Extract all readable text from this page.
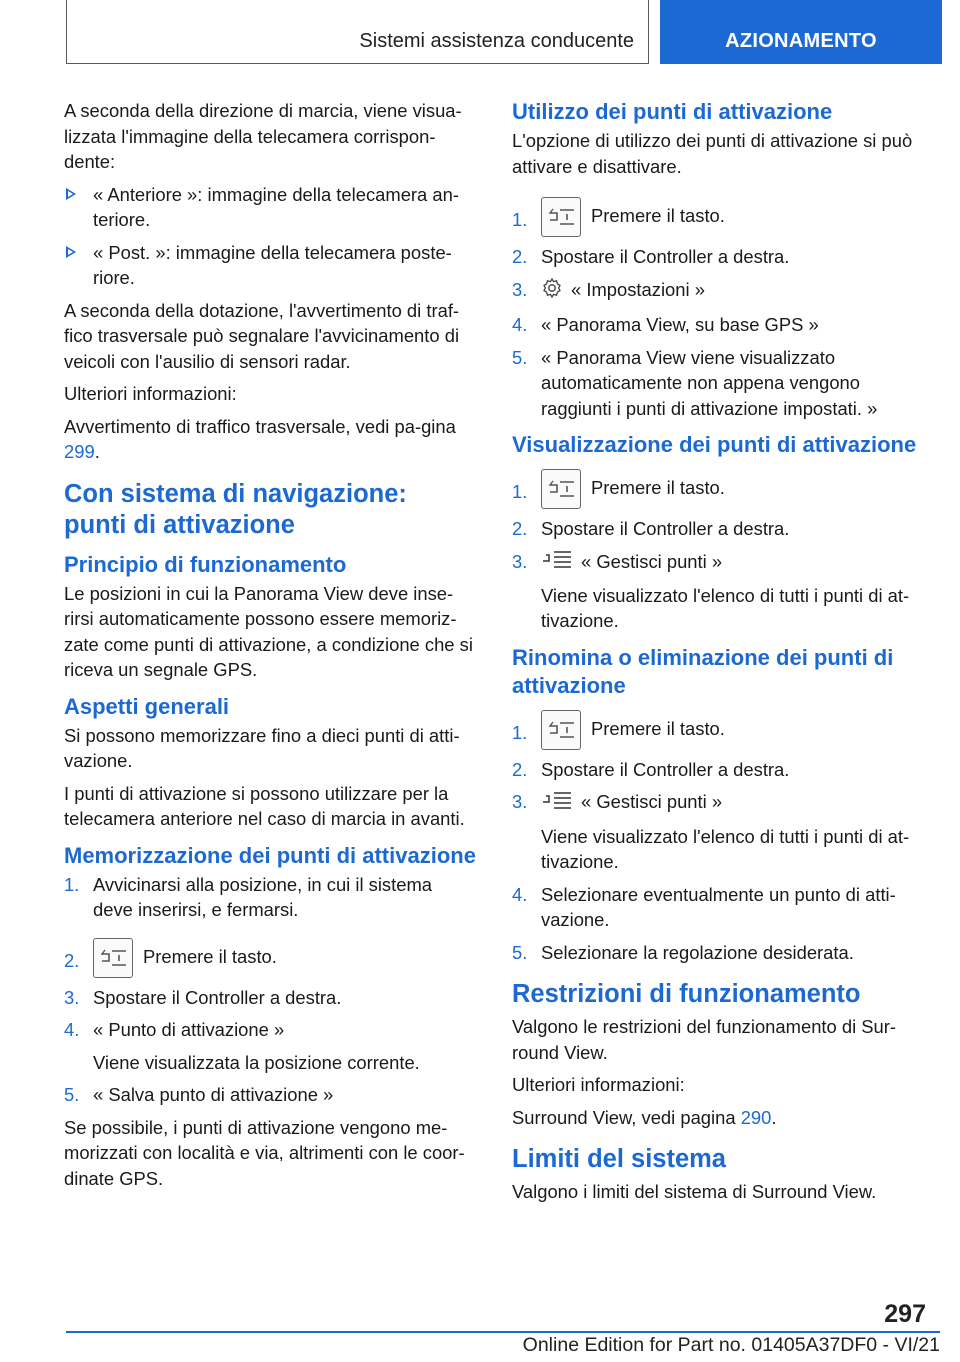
Sistemi assistenza conducente	AZIONAMENTO

A seconda della direzione di marcia, viene visua-lizzata l'immagine della telecamera corrispon-dente:

« Anteriore »: immagine della telecamera an-teriore.
« Post. »: immagine della telecamera poste-riore.

A seconda della dotazione, l'avvertimento di traf-fico trasversale può segnalare l'avvicinamento di veicoli con l'ausilio di sensori radar.

Ulteriori informazioni:

Avvertimento di traffico trasversale, vedi pa-gina 299.

Con sistema di navigazione: punti di attivazione
Principio di funzionamento

Le posizioni in cui la Panorama View deve inse-rirsi automaticamente possono essere memoriz-zate come punti di attivazione, a condizione che si riceva un segnale GPS.

Aspetti generali

Si possono memorizzare fino a dieci punti di atti-vazione.

I punti di attivazione si possono utilizzare per la telecamera anteriore nel caso di marcia in avanti.

Memorizzazione dei punti di attivazione
1. Avvicinarsi alla posizione, in cui il sistema deve inserirsi, e fermarsi.
2.	Premere il tasto.
3. Spostare il Controller a destra.
4. « Punto di attivazione »
Viene visualizzata la posizione corrente.
5. « Salva punto di attivazione »

Se possibile, i punti di attivazione vengono me-morizzati con località e via, altrimenti con le coor-dinate GPS.

Utilizzo dei punti di attivazione

L'opzione di utilizzo dei punti di attivazione si può attivare e disattivare.

1.	Premere il tasto.
2. Spostare il Controller a destra.
3. « Impostazioni »
4. « Panorama View, su base GPS »
5. « Panorama View viene visualizzato automaticamente non appena vengono raggiunti i punti di attivazione impostati. »
Visualizzazione dei punti di attivazione
1.	Premere il tasto.
2. Spostare il Controller a destra.
3.	« Gestisci punti »
Viene visualizzato l'elenco di tutti i punti di at-tivazione.
Rinomina o eliminazione dei punti di attivazione
1.	Premere il tasto.
2. Spostare il Controller a destra.
3.	« Gestisci punti »
Viene visualizzato l'elenco di tutti i punti di at-tivazione.
4. Selezionare eventualmente un punto di atti-vazione.
5. Selezionare la regolazione desiderata.
Restrizioni di funzionamento

Valgono le restrizioni del funzionamento di Sur-round View.

Ulteriori informazioni:

Surround View, vedi pagina 290.

Limiti del sistema

Valgono i limiti del sistema di Surround View.

297
Online Edition for Part no. 01405A37DF0 - VI/21
